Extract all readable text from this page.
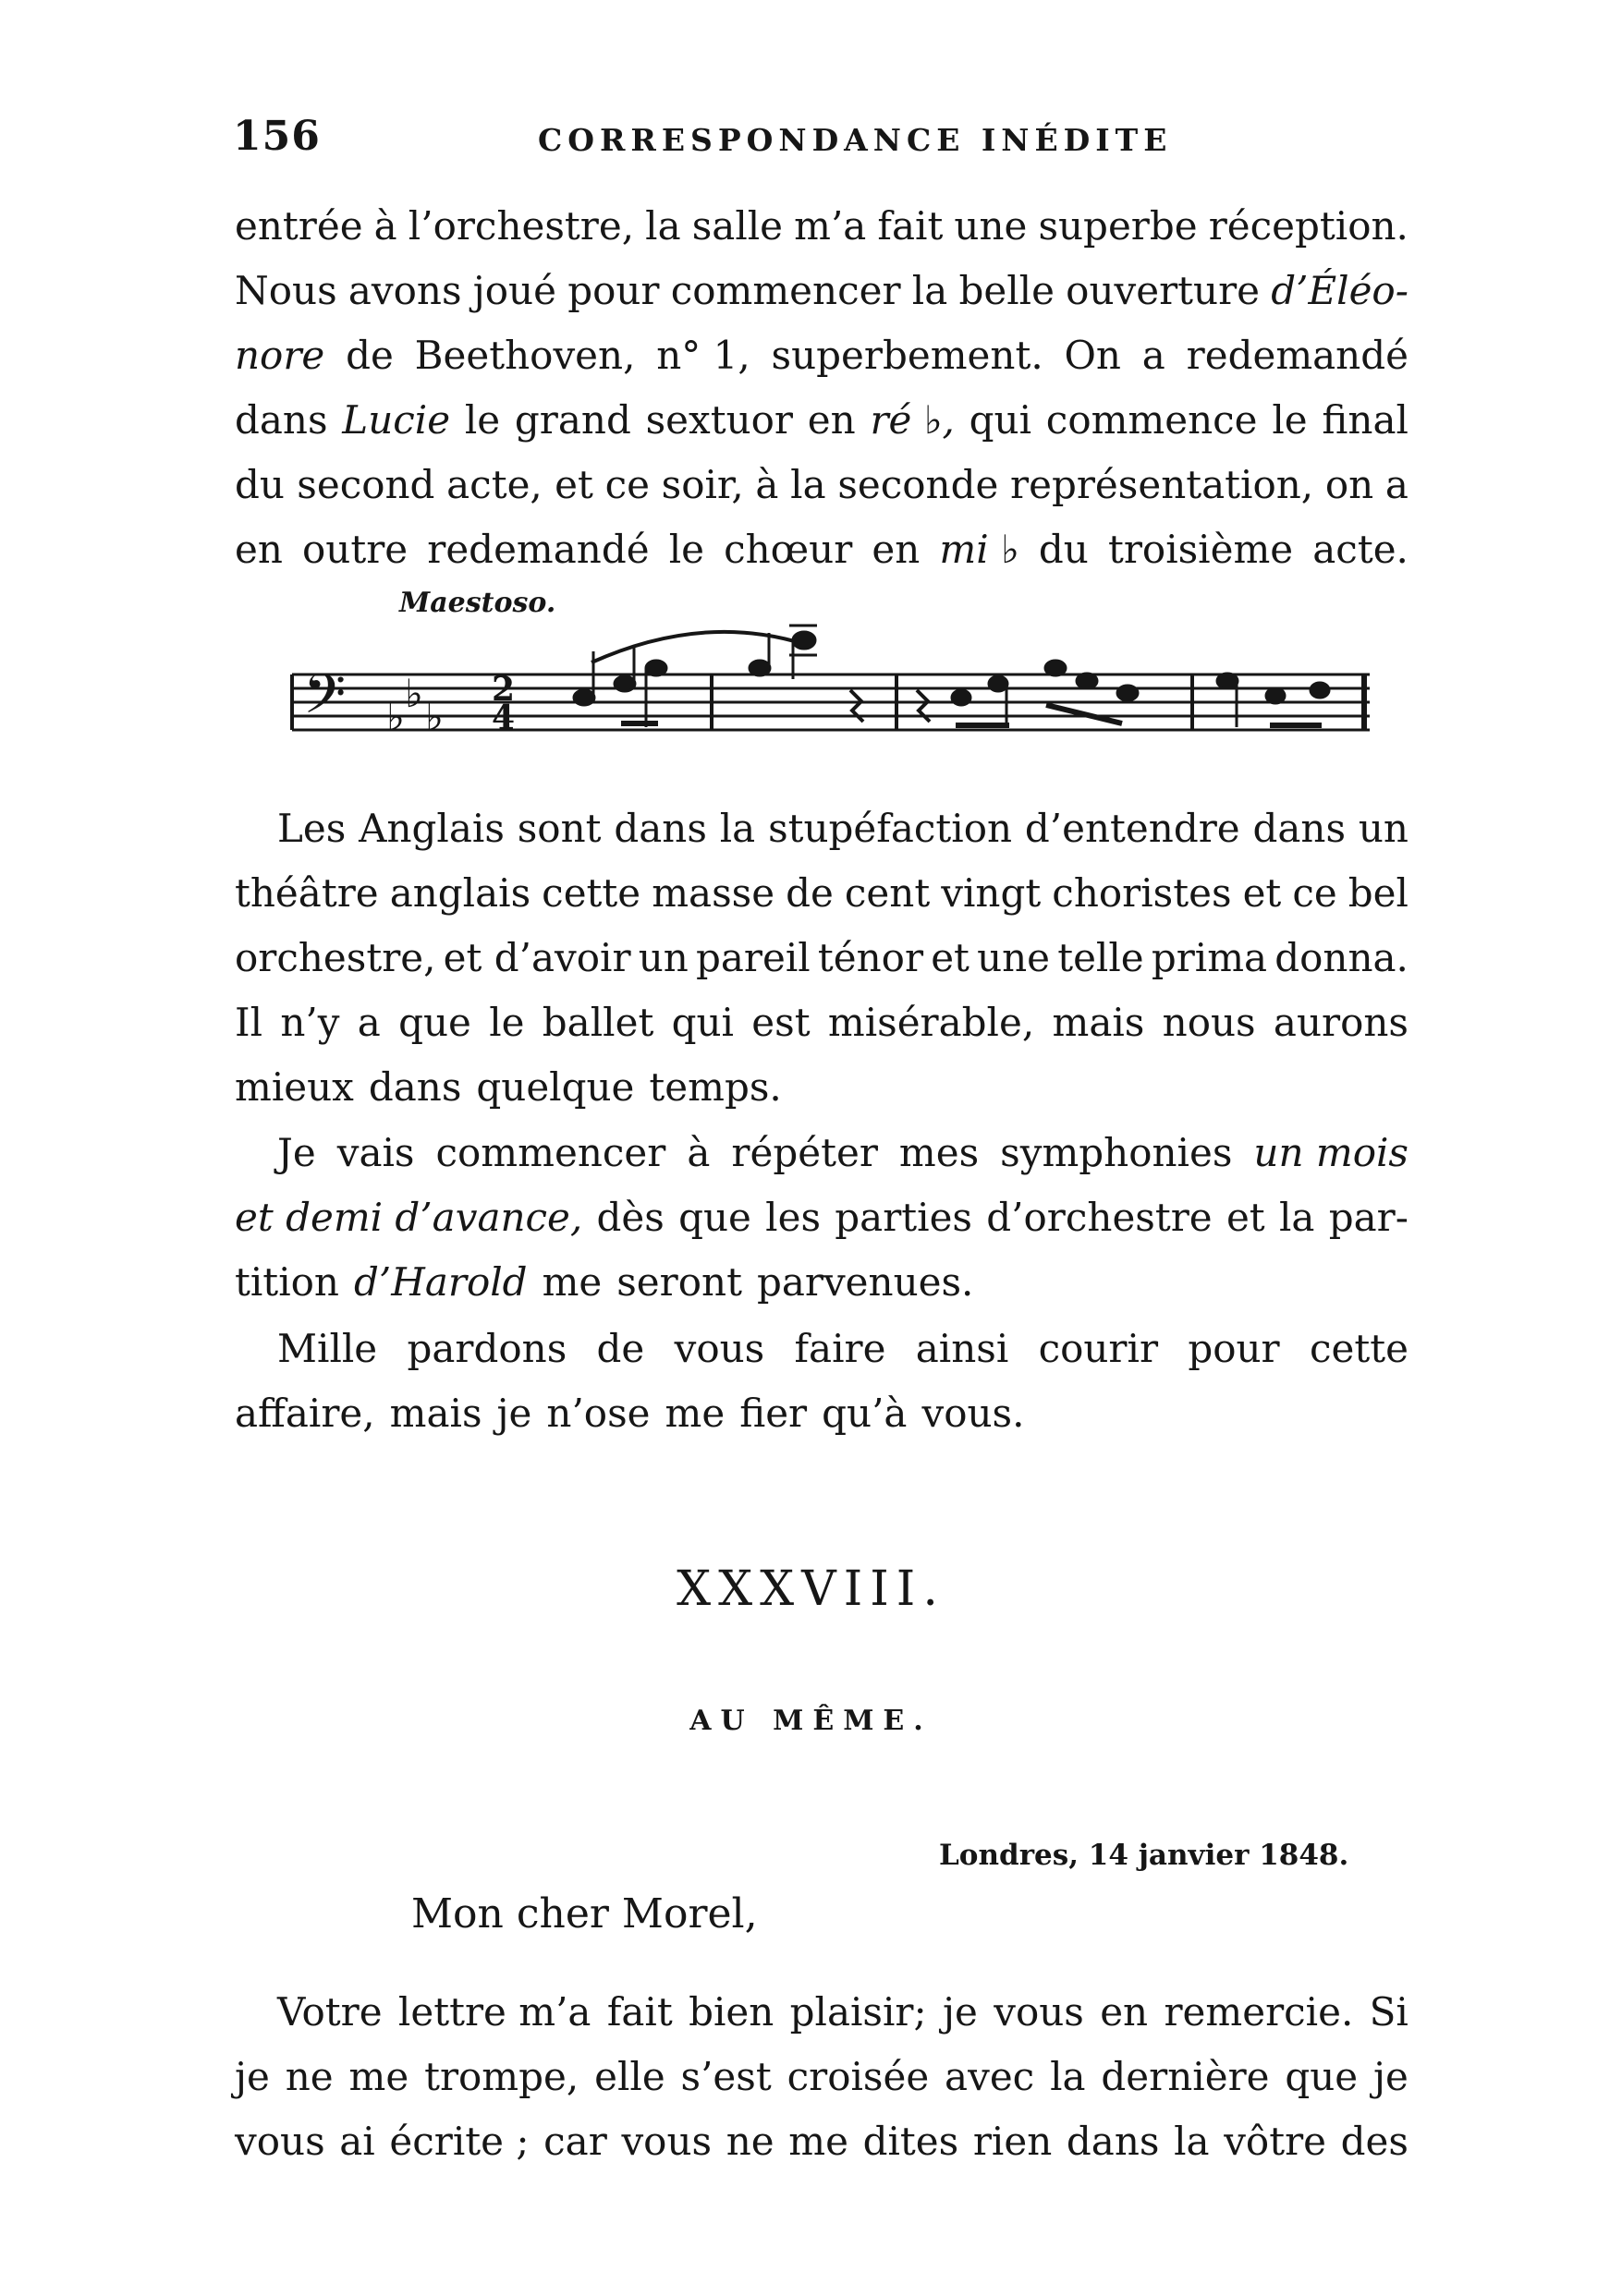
156	CORRESPONDANCE INÉDITE
entrée à l’orchestre, la salle m’a fait une superbe réception.
Nous avons joué pour commencer la belle ouverture d’Éléo-
nore de Beethoven, n° 1, superbement. On a redemandé
dans Lucie le grand sextuor en ré ♭, qui commence le final
du second acte, et ce soir, à la seconde représentation, on a
en outre redemandé le chœur en mi ♭ du troisième acte.
Maestoso.
𝄢 ♭
♭ ♭
2
4
Les Anglais sont dans la stupéfaction d’entendre dans un
théâtre anglais cette masse de cent vingt choristes et ce bel
orchestre, et d’avoir un pareil ténor et une telle prima donna.
Il n’y a que le ballet qui est misérable, mais nous aurons
mieux dans quelque temps.
Je vais commencer à répéter mes symphonies un mois
et demi d’avance, dès que les parties d’orchestre et la par-
tition d’Harold me seront parvenues.
Mille pardons de vous faire ainsi courir pour cette
affaire, mais je n’ose me fier qu’à vous.
XXXVIII.
AU MÊME.
Londres, 14 janvier 1848.
Mon cher Morel,
Votre lettre m’a fait bien plaisir; je vous en remercie. Si
je ne me trompe, elle s’est croisée avec la dernière que je
vous ai écrite ; car vous ne me dites rien dans la vôtre des
